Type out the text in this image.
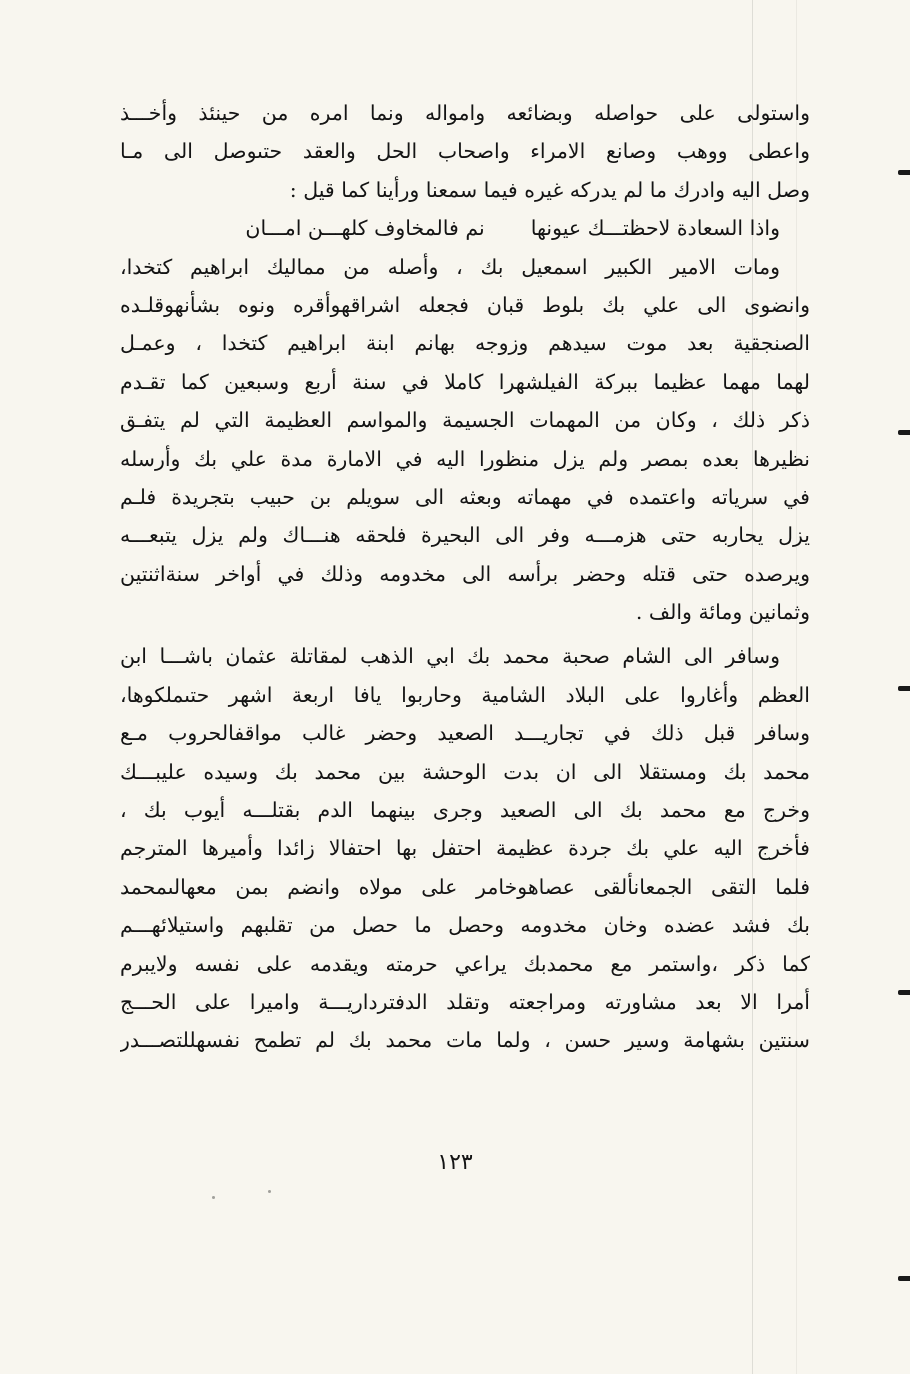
واستولى على حواصله وبضائعه وامواله ونما امره من حينئذ وأخـــذ
واعطى ووهب وصانع الامراء واصحاب الحل والعقد حتىوصل الى مـا
وصل اليه وادرك ما لم يدركه غيره فيما سمعنا ورأينا كما قيل :
واذا السعادة لاحظتـــك عيونهانم فالمخاوف كلهـــن امـــان
ومات الامير الكبير اسمعيل بك ، وأصله من مماليك ابراهيم كتخدا،
وانضوى الى علي بك بلوط قبان فجعله اشراقهوأقره ونوه بشأنهوقلـده
الصنجقية بعد موت سيدهم وزوجه بهانم ابنة ابراهيم كتخدا ، وعمـل
لهما مهما عظيما ببركة الفيلشهرا كاملا في سنة أربع وسبعين كما تقـدم
ذكر ذلك ، وكان من المهمات الجسيمة والمواسم العظيمة التي لم يتفـق
نظيرها بعده بمصر ولم يزل منظورا اليه في الامارة مدة علي بك وأرسله
في سرياته واعتمده في مهماته وبعثه الى سويلم بن حبيب بتجريدة فلـم
يزل يحاربه حتى هزمـــه وفر الى البحيرة فلحقه هنـــاك ولم يزل يتبعـــه
ويرصده حتى قتله وحضر برأسه الى مخدومه وذلك في أواخر سنةاثنتين
وثمانين ومائة والف .
وسافر الى الشام صحبة محمد بك ابي الذهب لمقاتلة عثمان باشـــا ابن
العظم وأغاروا على البلاد الشامية وحاربوا يافا اربعة اشهر حتىملكوها،
وسافر قبل ذلك في تجاريـــد الصعيد وحضر غالب مواقفالحروب مـع
محمد بك ومستقلا الى ان بدت الوحشة بين محمد بك وسيده عليبـــك
وخرج مع محمد بك الى الصعيد وجرى بينهما الدم بقتلـــه أيوب بك ،
فأخرج اليه علي بك جردة عظيمة احتفل بها احتفالا زائدا وأميرها المترجم
فلما التقى الجمعانألقى عصاهوخامر على مولاه وانضم بمن معهالىمحمد
بك فشد عضده وخان مخدومه وحصل ما حصل من تقلبهم واستيلائهـــم
كما ذكر ،واستمر مع محمدبك يراعي حرمته ويقدمه على نفسه ولايبرم
أمرا الا بعد مشاورته ومراجعته وتقلد الدفترداريـــة واميرا على الحـــج
سنتين بشهامة وسير حسن ، ولما مات محمد بك لم تطمح نفسهللتصـــدر
١٢٣
